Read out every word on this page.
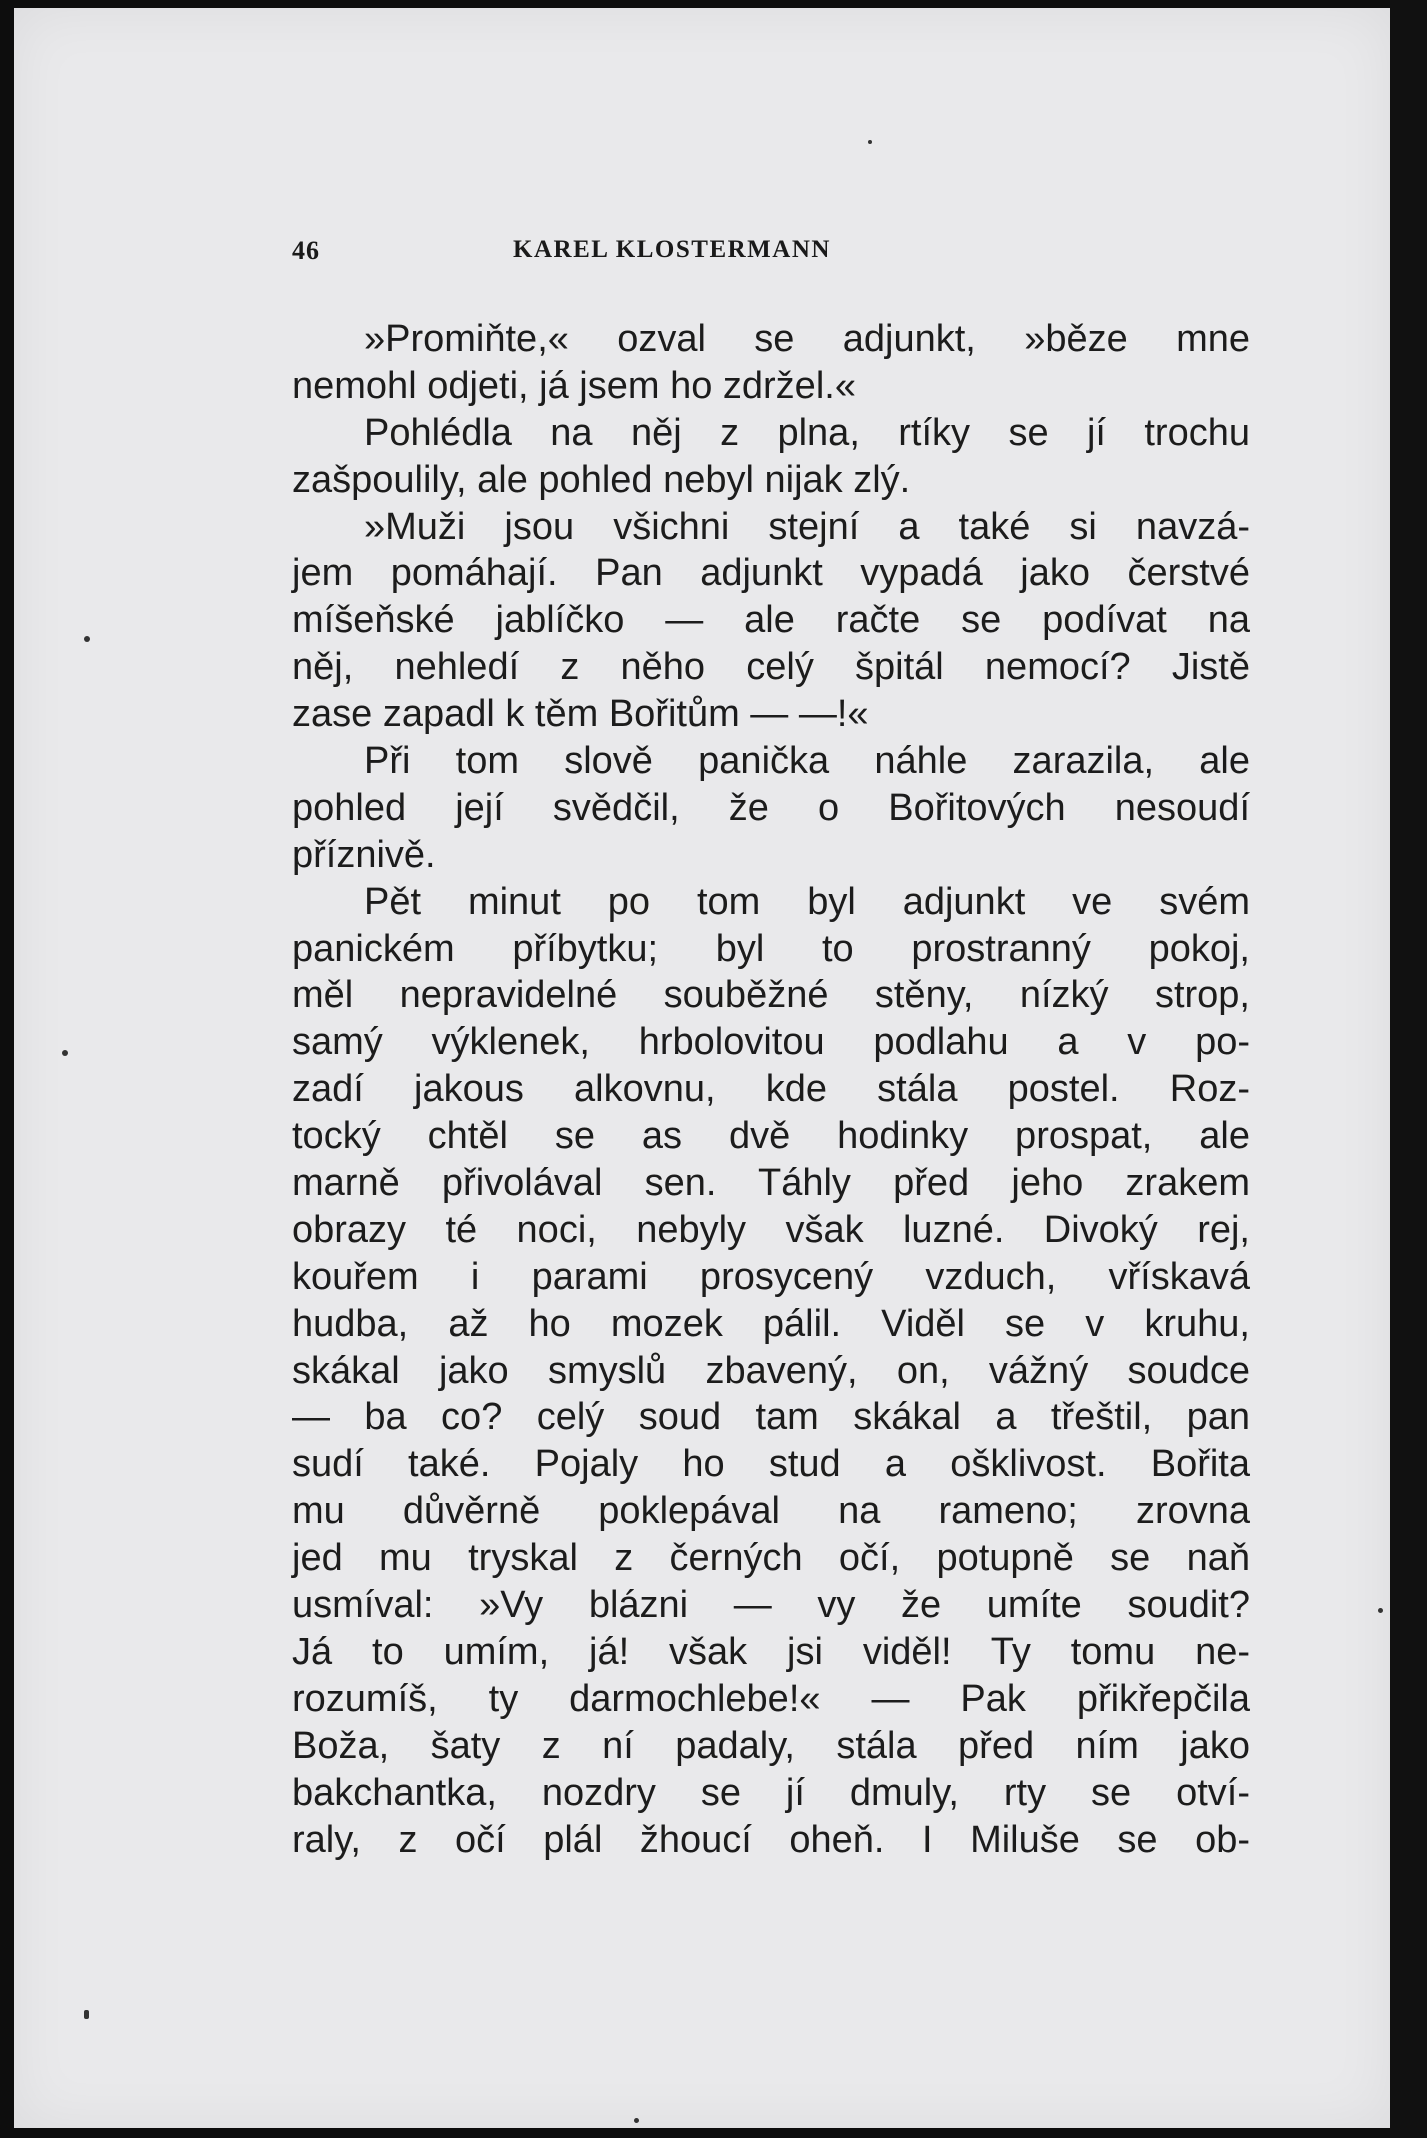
46	KAREL KLOSTERMANN
»Promiňte,« ozval se adjunkt, »běze mne
nemohl odjeti, já jsem ho zdržel.«
Pohlédla na něj z plna, rtíky se jí trochu
zašpoulily, ale pohled nebyl nijak zlý.
»Muži jsou všichni stejní a také si navzá-
jem pomáhají. Pan adjunkt vypadá jako čerstvé
míšeňské jablíčko — ale račte se podívat na
něj, nehledí z něho celý špitál nemocí? Jistě
zase zapadl k těm Bořitům — —!«
Při tom slově panička náhle zarazila, ale
pohled její svědčil, že o Bořitových nesoudí
příznivě.
Pět minut po tom byl adjunkt ve svém
panickém příbytku; byl to prostranný pokoj,
měl nepravidelné souběžné stěny, nízký strop,
samý výklenek, hrbolovitou podlahu a v po-
zadí jakous alkovnu, kde stála postel. Roz-
tocký chtěl se as dvě hodinky prospat, ale
marně přivolával sen. Táhly před jeho zrakem
obrazy té noci, nebyly však luzné. Divoký rej,
kouřem i parami prosycený vzduch, vřískavá
hudba, až ho mozek pálil. Viděl se v kruhu,
skákal jako smyslů zbavený, on, vážný soudce
— ba co? celý soud tam skákal a třeštil, pan
sudí také. Pojaly ho stud a ošklivost. Bořita
mu důvěrně poklepával na rameno; zrovna
jed mu tryskal z černých očí, potupně se naň
usmíval: »Vy blázni — vy že umíte soudit?
Já to umím, já! však jsi viděl! Ty tomu ne-
rozumíš, ty darmochlebe!« — Pak přikřepčila
Boža, šaty z ní padaly, stála před ním jako
bakchantka, nozdry se jí dmuly, rty se otví-
raly, z očí plál žhoucí oheň. I Miluše se ob-
